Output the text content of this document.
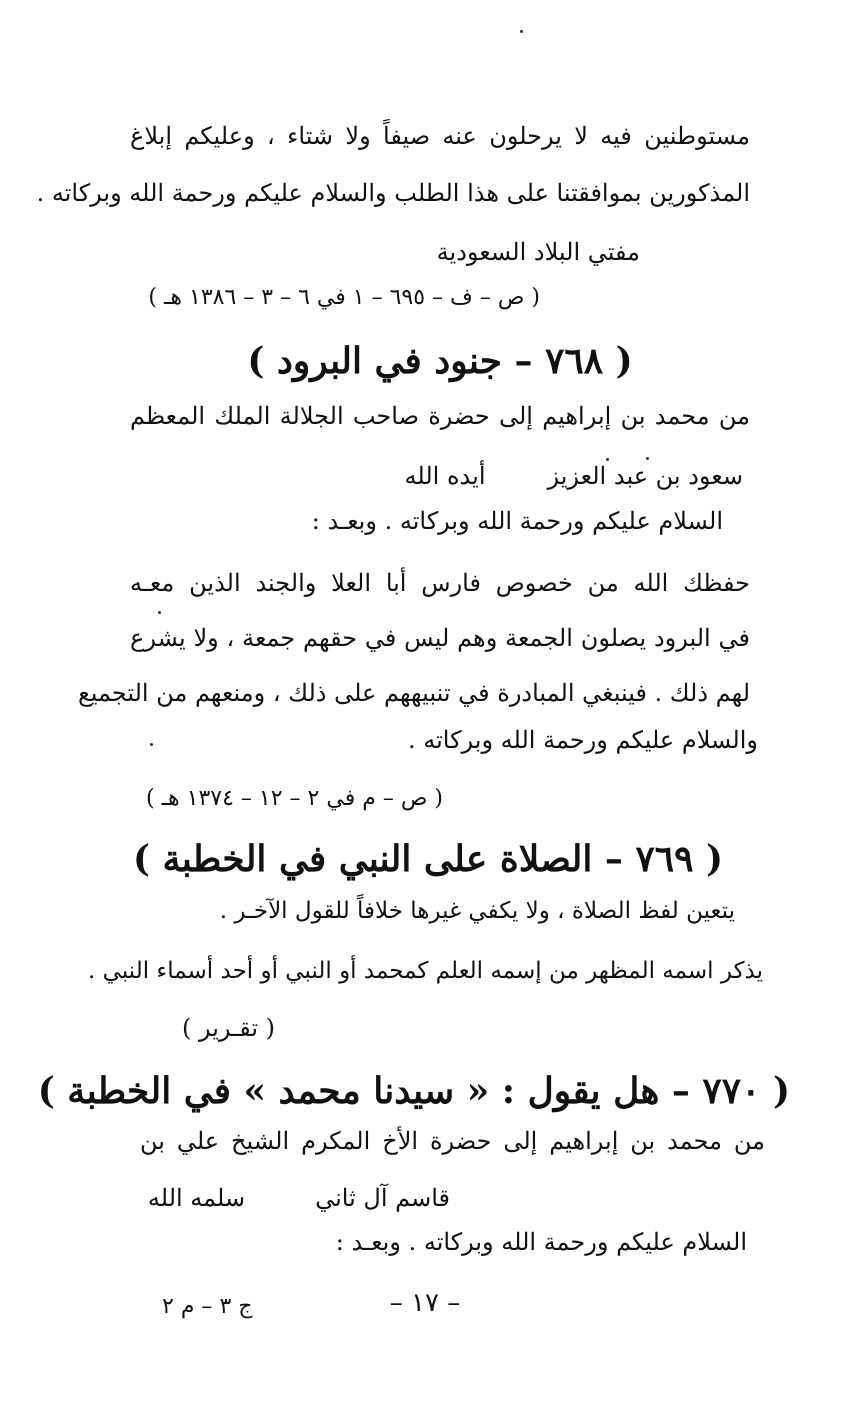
مستوطنين فيه لا يرحلون عنه صيفاً ولا شتاء ، وعليكم إبلاغ
المذكورين بموافقتنا على هذا الطلب والسلام عليكم ورحمة الله وبركاته .
مفتي البلاد السعودية
( ص – ف – ٦٩٥ – ١ في ٦ – ٣ – ١٣٨٦ هـ )
( ٧٦٨ – جنود في البرود )
من محمد بن إبراهيم إلى حضرة صاحب الجلالة الملك المعظم
سعود بن عبد العزيز
أيده الله
السلام عليكم ورحمة الله وبركاته . وبعـد :
حفظك الله من خصوص فارس أبا العلا والجند الذين معـه
في البرود يصلون الجمعة وهم ليس في حقهم جمعة ، ولا يشرع
لهم ذلك . فينبغي المبادرة في تنبيههم على ذلك ، ومنعهم من التجميع
والسلام عليكم ورحمة الله وبركاته .
( ص – م في ٢ – ١٢ – ١٣٧٤ هـ )
( ٧٦٩ – الصلاة على النبي في الخطبة )
يتعين لفظ الصلاة ، ولا يكفي غيرها خلافاً للقول الآخـر .
يذكر اسمه المظهر من إسمه العلم كمحمد أو النبي أو أحد أسماء النبي .
( تقـرير )
( ٧٧٠ – هل يقول : « سيدنا محمد » في الخطبة )
من محمد بن إبراهيم إلى حضرة الأخ المكرم الشيخ علي بن
قاسم آل ثاني
سلمه الله
السلام عليكم ورحمة الله وبركاته . وبعـد :
– ١٧ –
ج ٣ – م ٢
